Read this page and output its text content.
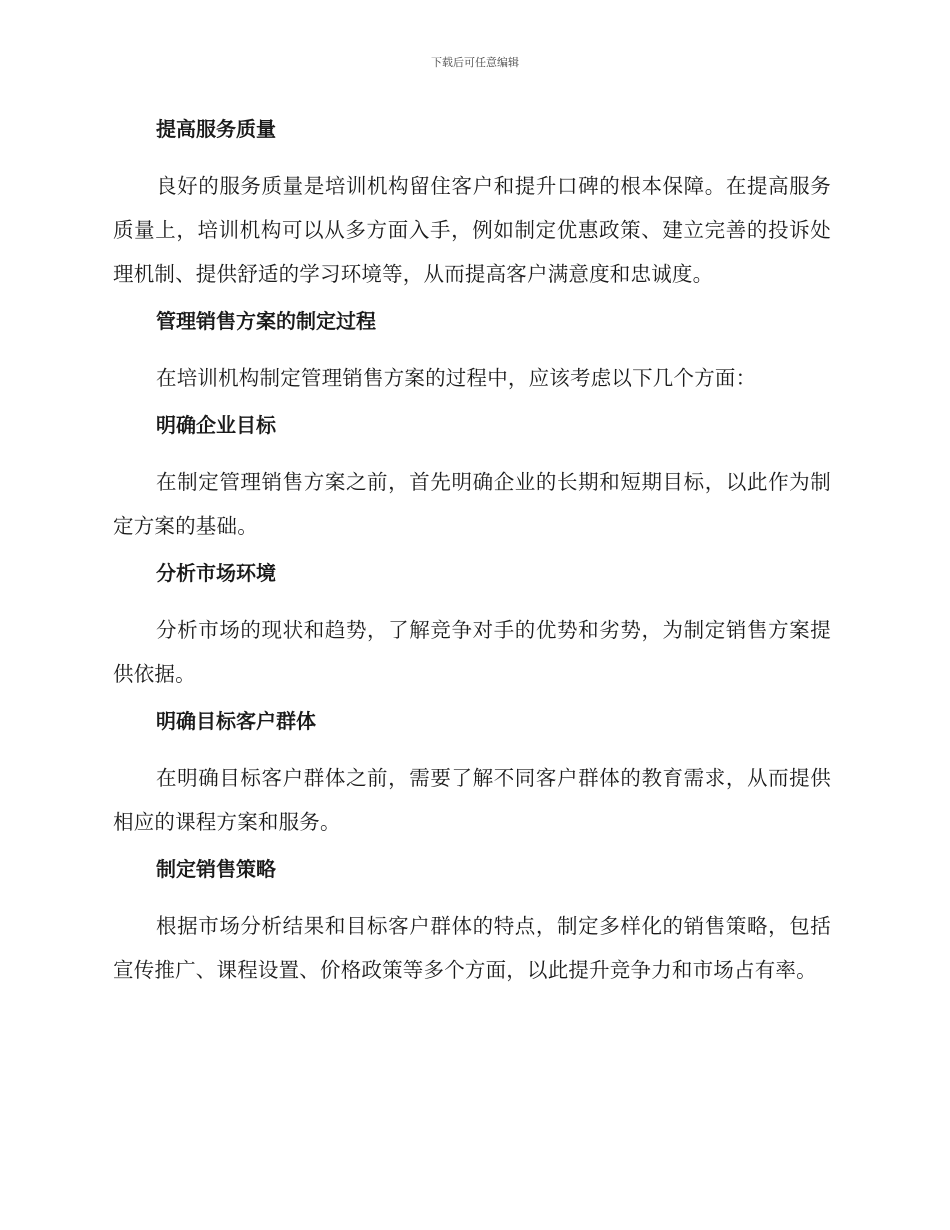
下载后可任意编辑
提高服务质量

良好的服务质量是培训机构留住客户和提升口碑的根本保障。在提高服务质量上，培训机构可以从多方面入手，例如制定优惠政策、建立完善的投诉处理机制、提供舒适的学习环境等，从而提高客户满意度和忠诚度。

管理销售方案的制定过程

在培训机构制定管理销售方案的过程中，应该考虑以下几个方面：

明确企业目标

在制定管理销售方案之前，首先明确企业的长期和短期目标，以此作为制定方案的基础。

分析市场环境

分析市场的现状和趋势，了解竞争对手的优势和劣势，为制定销售方案提供依据。

明确目标客户群体

在明确目标客户群体之前，需要了解不同客户群体的教育需求，从而提供相应的课程方案和服务。

制定销售策略

根据市场分析结果和目标客户群体的特点，制定多样化的销售策略，包括宣传推广、课程设置、价格政策等多个方面，以此提升竞争力和市场占有率。
